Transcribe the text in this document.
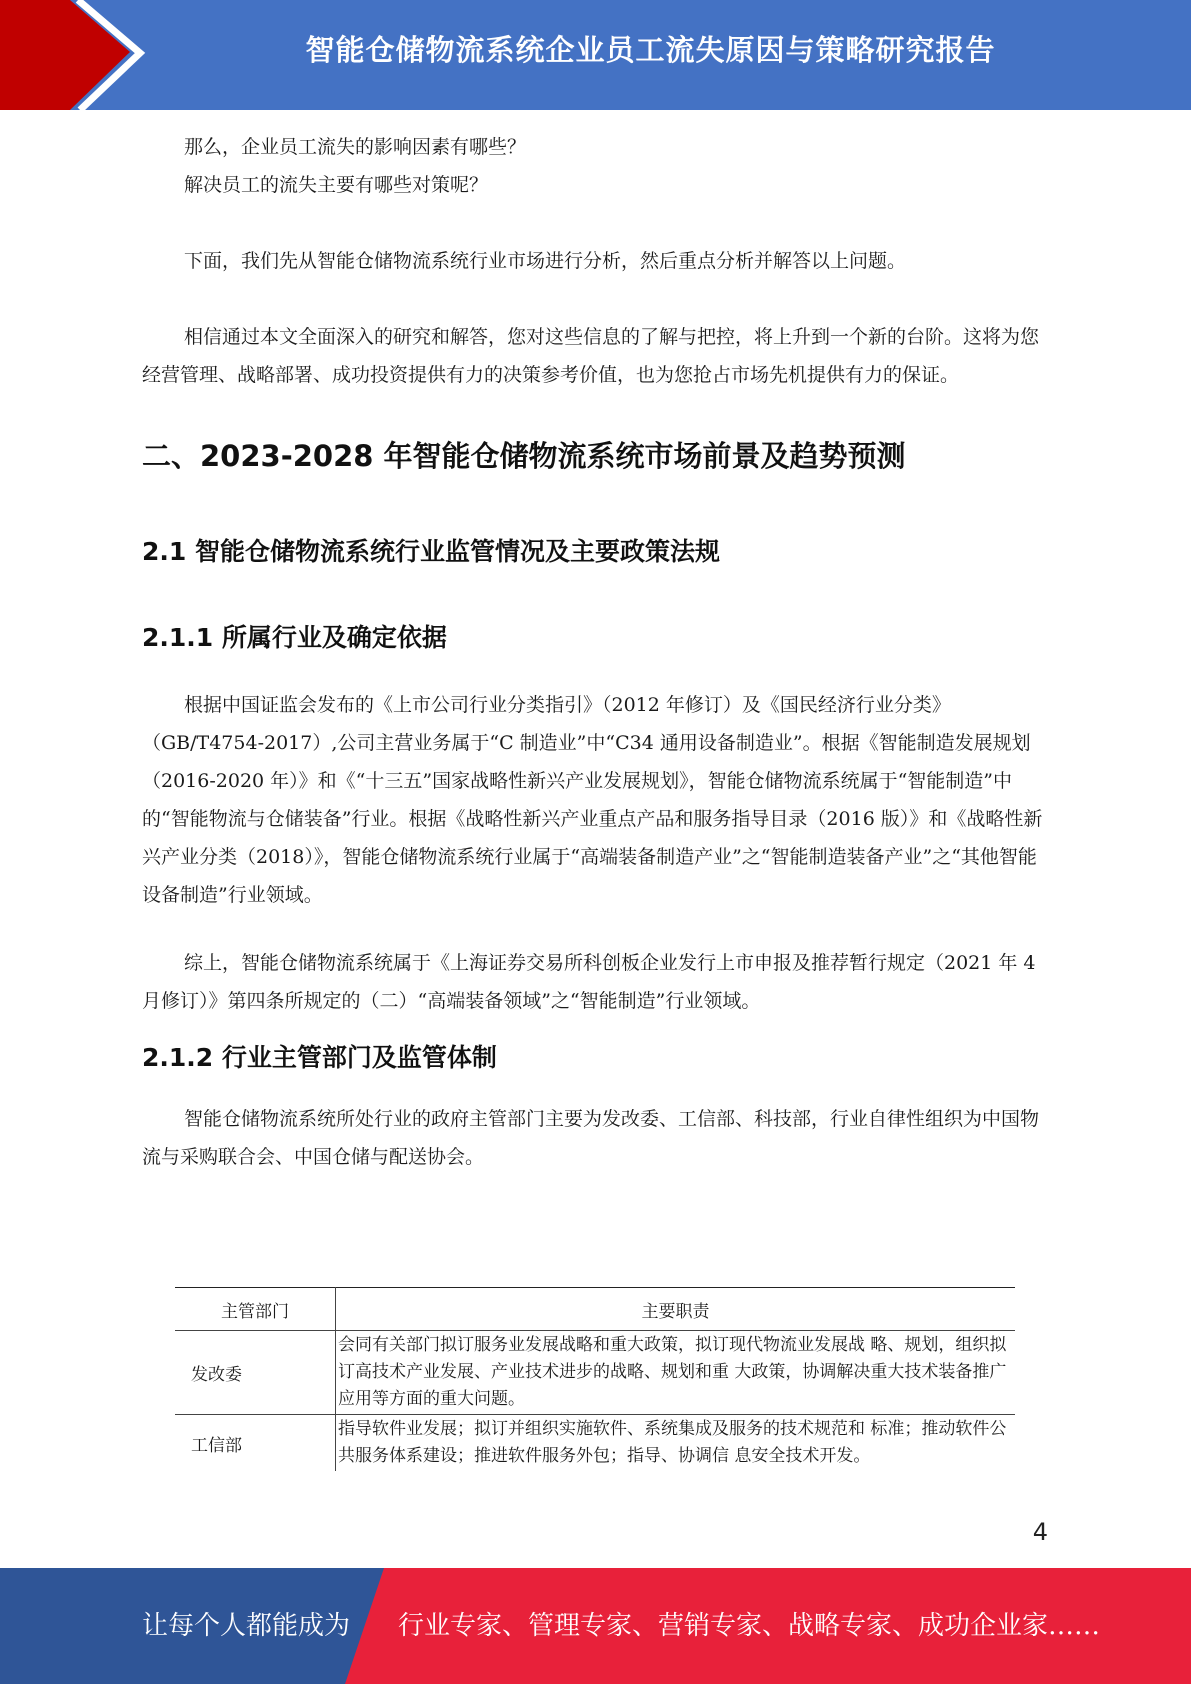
智能仓储物流系统企业员工流失原因与策略研究报告

那么，企业员工流失的影响因素有哪些？

解决员工的流失主要有哪些对策呢？

下面，我们先从智能仓储物流系统行业市场进行分析，然后重点分析并解答以上问题。

相信通过本文全面深入的研究和解答，您对这些信息的了解与把控，将上升到一个新的台阶。这将为您经营管理、战略部署、成功投资提供有力的决策参考价值，也为您抢占市场先机提供有力的保证。

二、2023-2028 年智能仓储物流系统市场前景及趋势预测
2.1 智能仓储物流系统行业监管情况及主要政策法规
2.1.1 所属行业及确定依据

根据中国证监会发布的《上市公司行业分类指引》（2012 年修订）及《国民经济行业分类》（GB/T4754-2017）,公司主营业务属于“C 制造业”中“C34 通用设备制造业”。根据《智能制造发展规划（2016-2020 年）》和《“十三五”国家战略性新兴产业发展规划》，智能仓储物流系统属于“智能制造”中的“智能物流与仓储装备”行业。根据《战略性新兴产业重点产品和服务指导目录（2016 版）》和《战略性新兴产业分类（2018）》，智能仓储物流系统行业属于“高端装备制造产业”之“智能制造装备产业”之“其他智能设备制造”行业领域。

综上，智能仓储物流系统属于《上海证券交易所科创板企业发行上市申报及推荐暂行规定（2021 年 4 月修订）》第四条所规定的（二）“高端装备领域”之“智能制造”行业领域。

2.1.2 行业主管部门及监管体制

智能仓储物流系统所处行业的政府主管部门主要为发改委、工信部、科技部，行业自律性组织为中国物流与采购联合会、中国仓储与配送协会。

主管部门	主要职责
发改委	会同有关部门拟订服务业发展战略和重大政策，拟订现代物流业发展战 略、规划，组织拟订高技术产业发展、产业技术进步的战略、规划和重 大政策，协调解决重大技术装备推广应用等方面的重大问题。
工信部	指导软件业发展；拟订并组织实施软件、系统集成及服务的技术规范和 标准；推动软件公共服务体系建设；推进软件服务外包；指导、协调信 息安全技术开发。
4
让每个人都能成为 行业专家、管理专家、营销专家、战略专家、成功企业家……
